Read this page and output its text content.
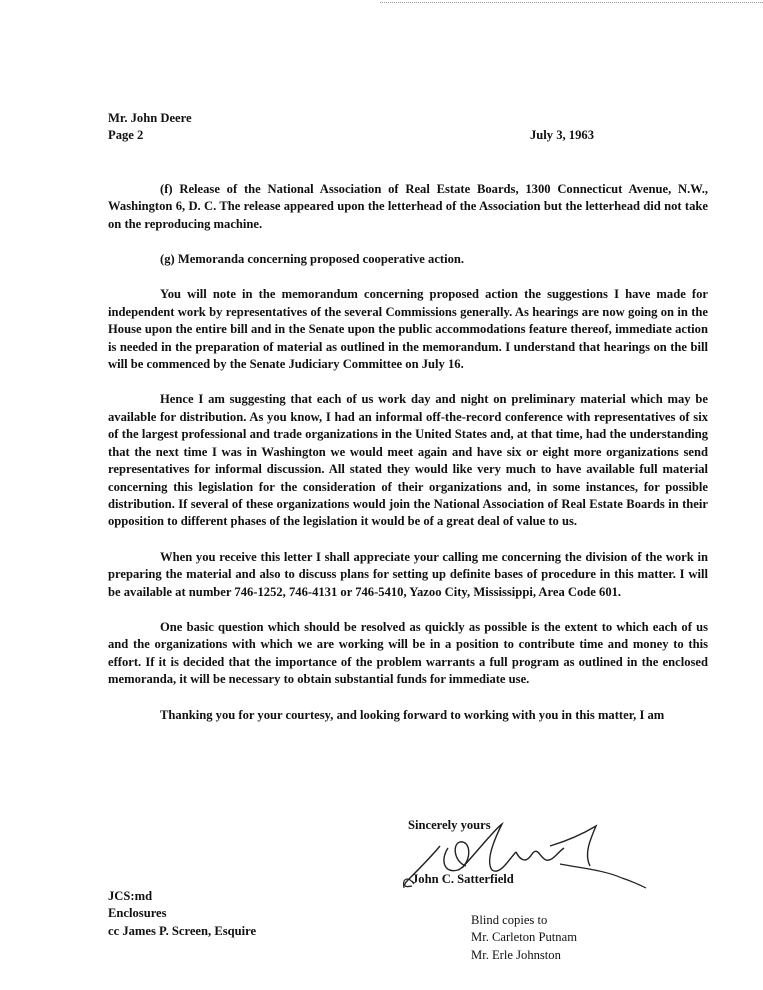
Mr. John Deere
Page 2	July 3, 1963

(f) Release of the National Association of Real Estate Boards, 1300 Connecticut Avenue, N.W., Washington 6, D. C. The release appeared upon the letterhead of the Association but the letterhead did not take on the reproducing machine.

(g) Memoranda concerning proposed cooperative action.

You will note in the memorandum concerning proposed action the suggestions I have made for independent work by representatives of the several Commissions generally. As hearings are now going on in the House upon the entire bill and in the Senate upon the public accommodations feature thereof, immediate action is needed in the preparation of material as outlined in the memorandum. I understand that hearings on the bill will be commenced by the Senate Judiciary Committee on July 16.

Hence I am suggesting that each of us work day and night on preliminary material which may be available for distribution. As you know, I had an informal off-the-record conference with representatives of six of the largest professional and trade organizations in the United States and, at that time, had the understanding that the next time I was in Washington we would meet again and have six or eight more organizations send representatives for informal discussion. All stated they would like very much to have available full material concerning this legislation for the consideration of their organizations and, in some instances, for possible distribution. If several of these organizations would join the National Association of Real Estate Boards in their opposition to different phases of the legislation it would be of a great deal of value to us.

When you receive this letter I shall appreciate your calling me concerning the division of the work in preparing the material and also to discuss plans for setting up definite bases of procedure in this matter. I will be available at number 746-1252, 746-4131 or 746-5410, Yazoo City, Mississippi, Area Code 601.

One basic question which should be resolved as quickly as possible is the extent to which each of us and the organizations with which we are working will be in a position to contribute time and money to this effort. If it is decided that the importance of the problem warrants a full program as outlined in the enclosed memoranda, it will be necessary to obtain substantial funds for immediate use.

Thanking you for your courtesy, and looking forward to working with you in this matter, I am

Sincerely yours
John C. Satterfield
JCS:md
Enclosures
cc James P. Screen, Esquire
Blind copies to
Mr. Carleton Putnam
Mr. Erle Johnston
